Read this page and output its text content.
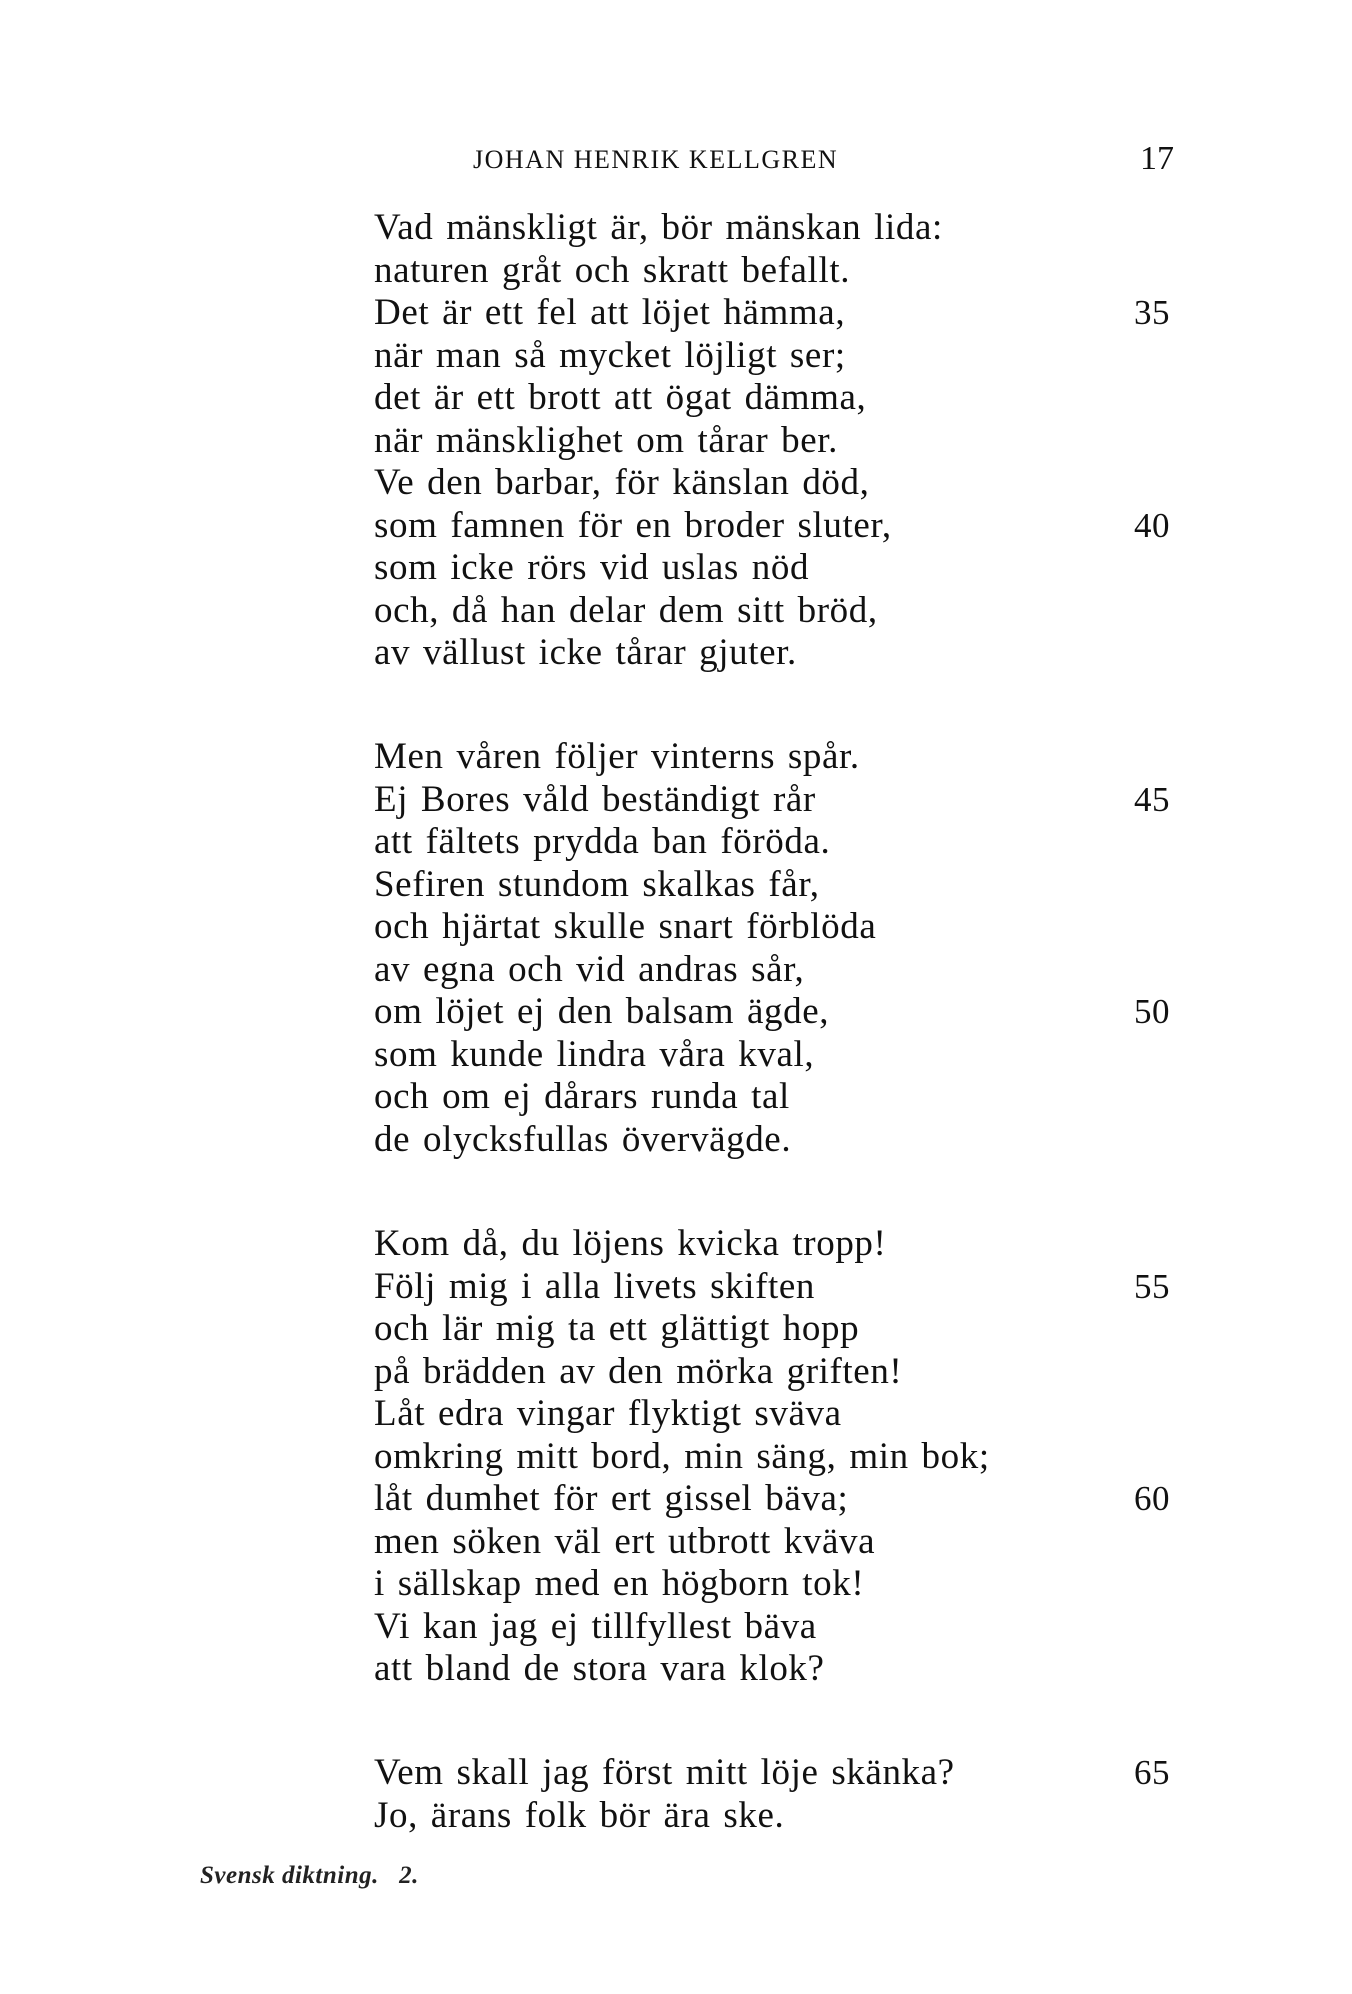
JOHAN HENRIK KELLGREN	17
Vad mänskligt är, bör mänskan lida:
naturen gråt och skratt befallt.
Det är ett fel att löjet hämma,	35
när man så mycket löjligt ser;
det är ett brott att ögat dämma,
när mänsklighet om tårar ber.
Ve den barbar, för känslan död,
som famnen för en broder sluter,	40
som icke rörs vid uslas nöd
och, då han delar dem sitt bröd,
av vällust icke tårar gjuter.
Men våren följer vinterns spår.
Ej Bores våld beständigt rår	45
att fältets prydda ban föröda.
Sefiren stundom skalkas får,
och hjärtat skulle snart förblöda
av egna och vid andras sår,
om löjet ej den balsam ägde,	50
som kunde lindra våra kval,
och om ej dårars runda tal
de olycksfullas övervägde.
Kom då, du löjens kvicka tropp!
Följ mig i alla livets skiften	55
och lär mig ta ett glättigt hopp
på brädden av den mörka griften!
Låt edra vingar flyktigt sväva
omkring mitt bord, min säng, min bok;
låt dumhet för ert gissel bäva;	60
men söken väl ert utbrott kväva
i sällskap med en högborn tok!
Vi kan jag ej tillfyllest bäva
att bland de stora vara klok?
Vem skall jag först mitt löje skänka?	65
Jo, ärans folk bör ära ske.
Svensk diktning.   2.
